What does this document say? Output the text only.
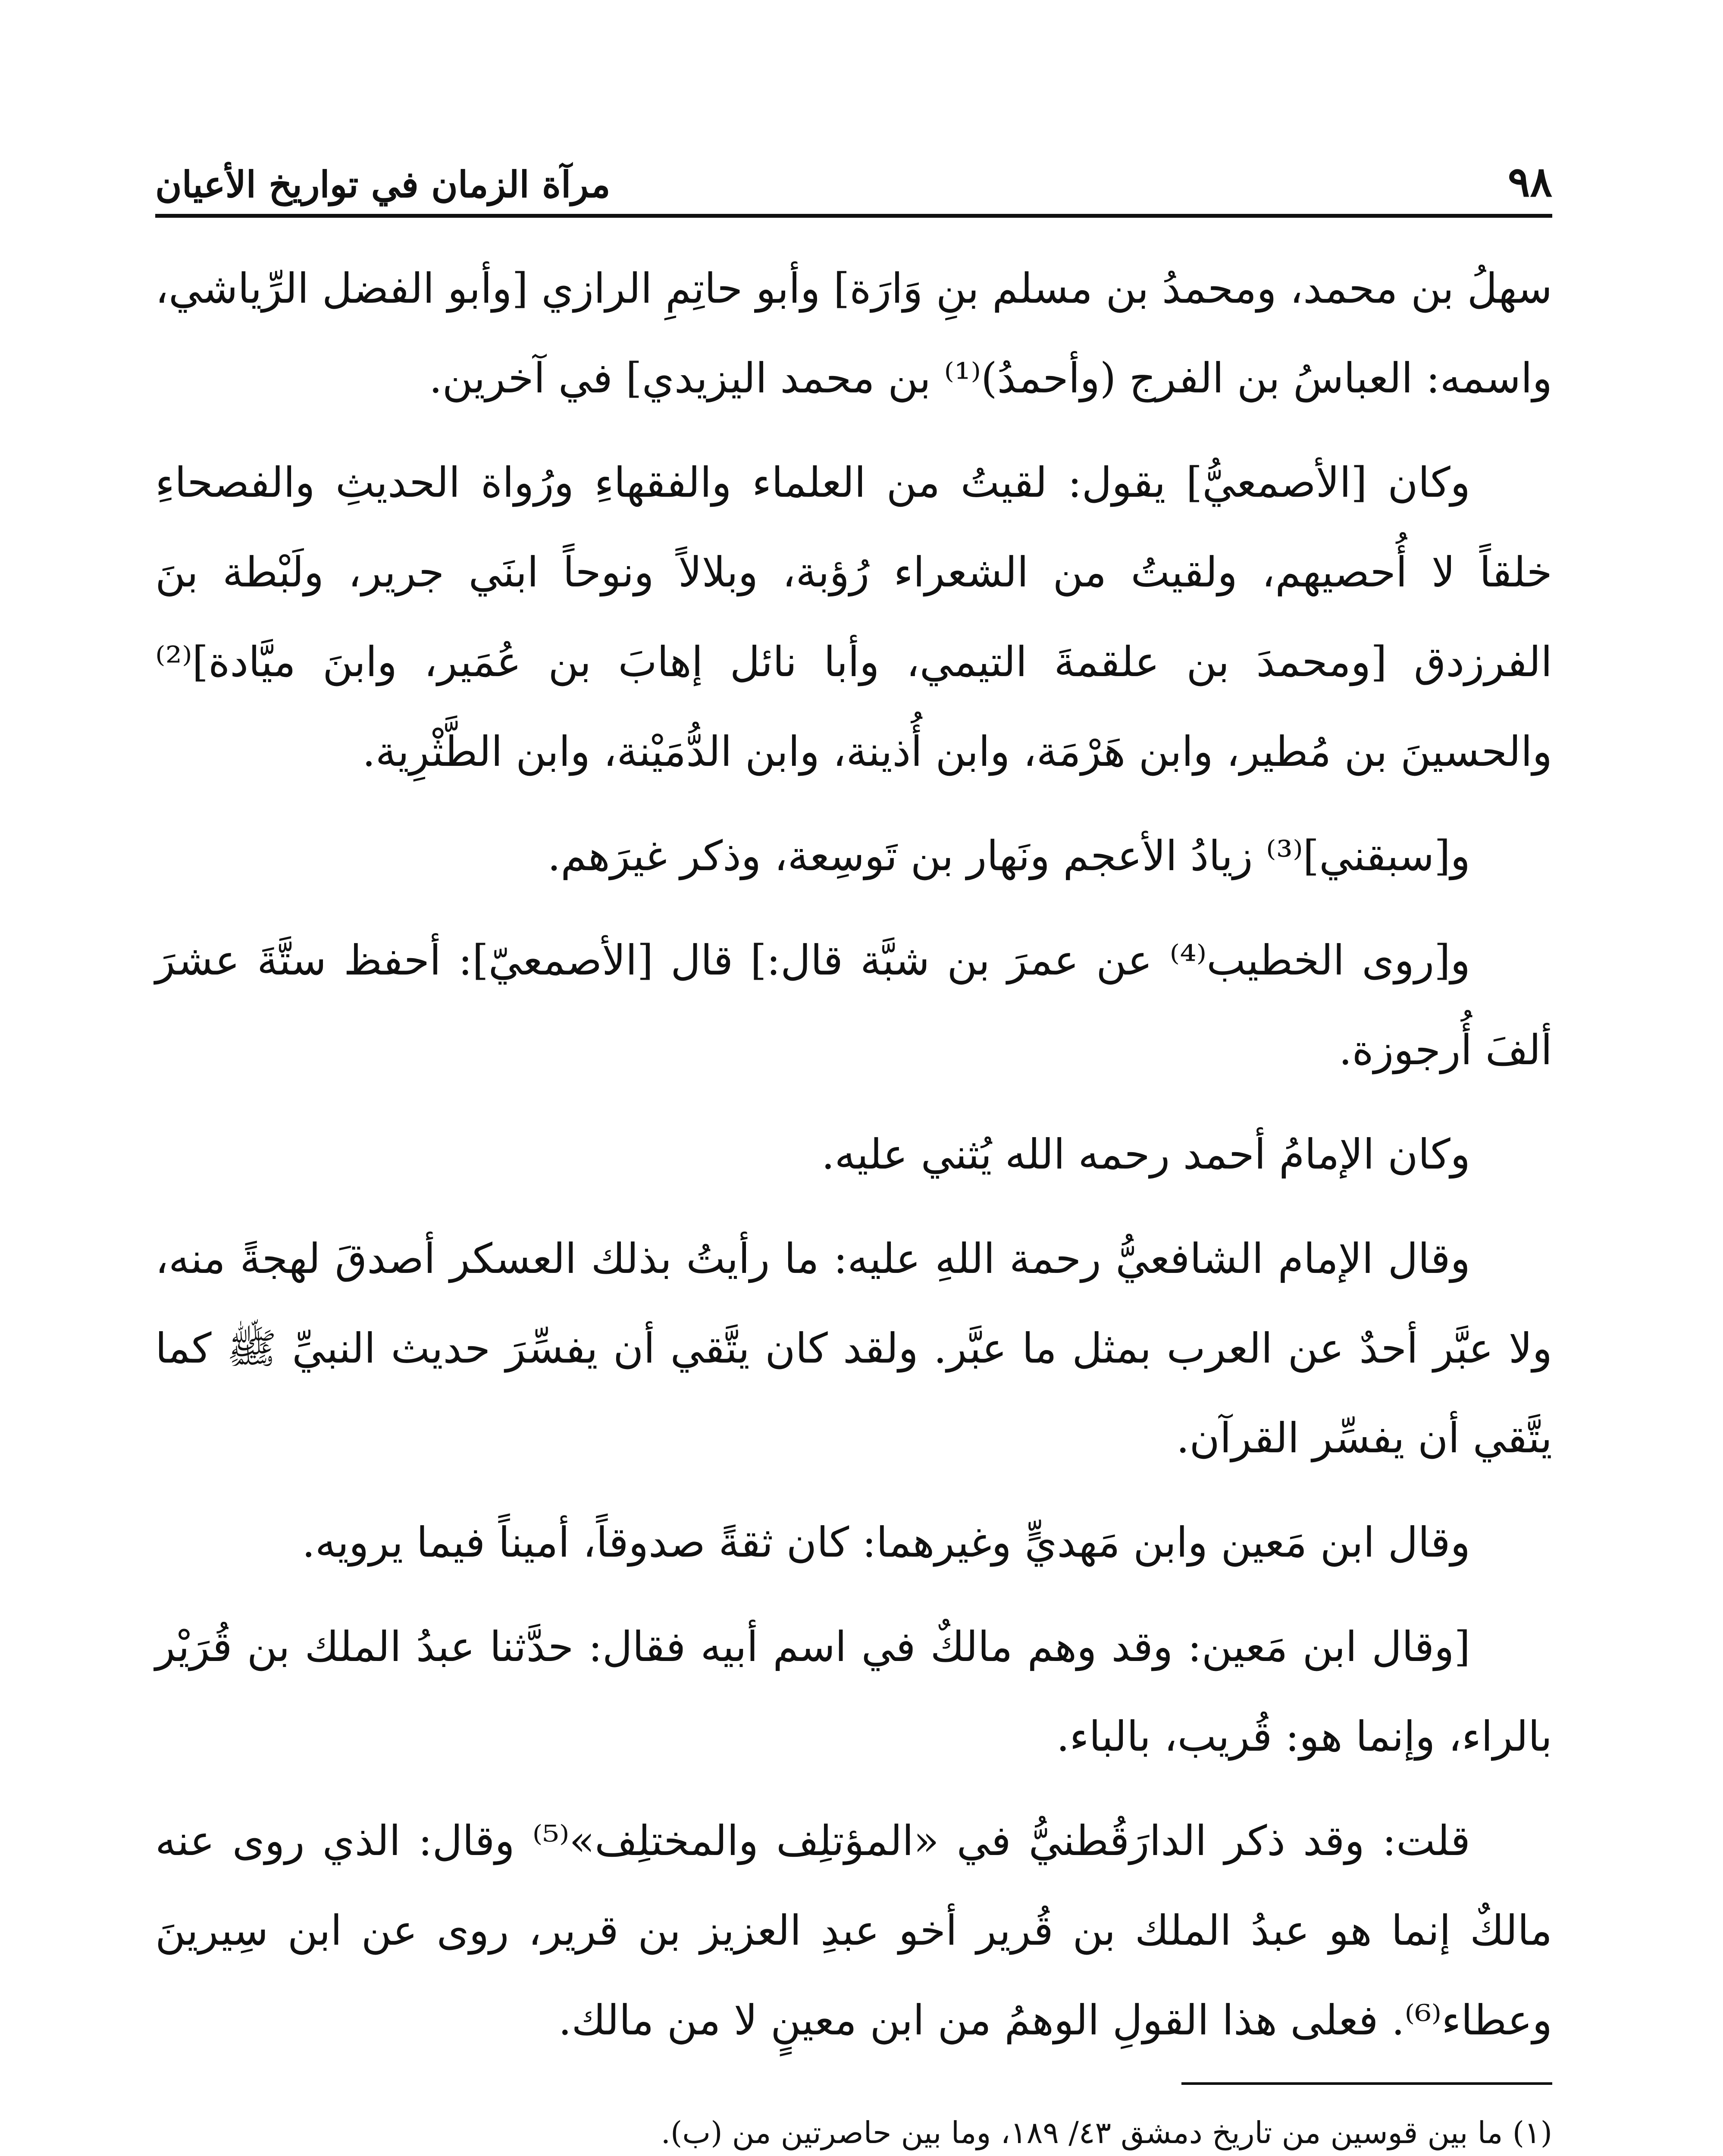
٩٨
مرآة الزمان في تواريخ الأعيان

سهلُ بن محمد، ومحمدُ بن مسلم بنِ وَارَة] وأبو حاتِمِ الرازي [وأبو الفضل الرِّياشي، واسمه: العباسُ بن الفرج (وأحمدُ)⁽¹⁾ بن محمد اليزيدي] في آخرين.

وكان [الأصمعيُّ] يقول: لقيتُ من العلماء والفقهاءِ ورُواة الحديثِ والفصحاءِ خلقاً لا أُحصيهم، ولقيتُ من الشعراء رُؤبة، وبلالاً ونوحاً ابنَي جرير، ولَبْطة بنَ الفرزدق [ومحمدَ بن علقمةَ التيمي، وأبا نائل إهابَ بن عُمَير، وابنَ ميَّادة]⁽²⁾ والحسينَ بن مُطير، وابن هَرْمَة، وابن أُذينة، وابن الدُّمَيْنة، وابن الطَّثْرِية.

و[سبقني]⁽³⁾ زيادُ الأعجم ونَهار بن تَوسِعة، وذكر غيرَهم.

و[روى الخطيب⁽⁴⁾ عن عمرَ بن شبَّة قال:] قال [الأصمعيّ]: أحفظ ستَّةَ عشرَ ألفَ أُرجوزة.

وكان الإمامُ أحمد رحمه الله يُثني عليه.

وقال الإمام الشافعيُّ رحمة اللهِ عليه: ما رأيتُ بذلك العسكر أصدقَ لهجةً منه، ولا عبَّر أحدٌ عن العرب بمثل ما عبَّر. ولقد كان يتَّقي أن يفسِّرَ حديث النبيِّ ﷺ كما يتَّقي أن يفسِّر القرآن.

وقال ابن مَعين وابن مَهديٍّ وغيرهما: كان ثقةً صدوقاً، أميناً فيما يرويه.

[وقال ابن مَعين: وقد وهم مالكٌ في اسم أبيه فقال: حدَّثنا عبدُ الملك بن قُرَيْر بالراء، وإنما هو: قُريب، بالباء.

قلت: وقد ذكر الدارَقُطنيُّ في «المؤتلِف والمختلِف»⁽⁵⁾ وقال: الذي روى عنه مالكٌ إنما هو عبدُ الملك بن قُرير أخو عبدِ العزيز بن قرير، روى عن ابن سِيرينَ وعطاء⁽⁶⁾. فعلى هذا القولِ الوهمُ من ابن معينٍ لا من مالك.

(١) ما بين قوسين من تاريخ دمشق ٤٣/ ١٨٩، وما بين حاصرتين من (ب).
